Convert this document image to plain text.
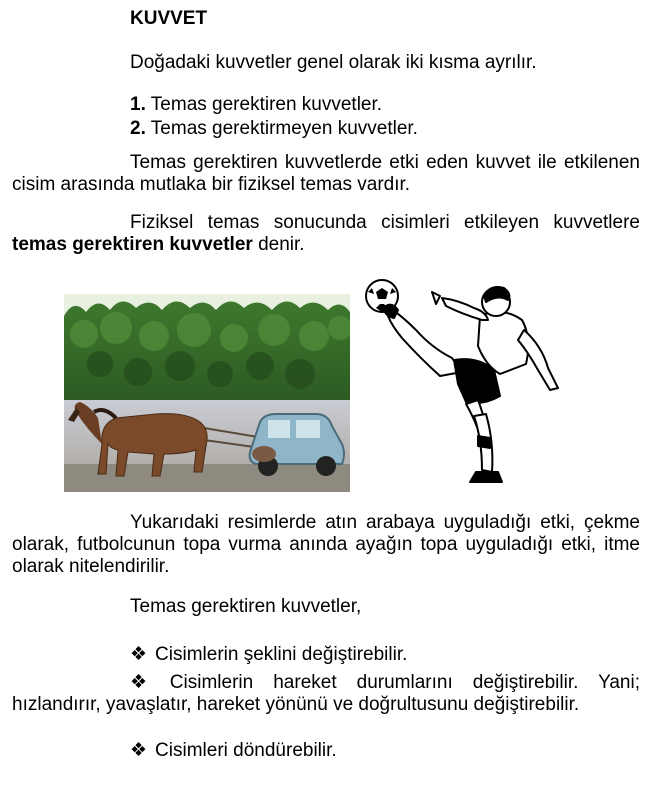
KUVVET
Doğadaki kuvvetler genel olarak iki kısma ayrılır.
1. Temas gerektiren kuvvetler.
2. Temas gerektirmeyen kuvvetler.
Temas gerektiren kuvvetlerde etki eden kuvvet ile etkilenen cisim arasında mutlaka bir fiziksel temas vardır.
Fiziksel temas sonucunda cisimleri etkileyen kuvvetlere temas gerektiren kuvvetler denir.
Yukarıdaki resimlerde atın arabaya uyguladığı etki, çekme olarak, futbolcunun topa vurma anında ayağın topa uyguladığı etki, itme olarak nitelendirilir.
Temas gerektiren kuvvetler,
❖ Cisimlerin şeklini değiştirebilir.
❖ Cisimlerin hareket durumlarını değiştirebilir. Yani; hızlandırır, yavaşlatır, hareket yönünü ve doğrultusunu değiştirebilir.
❖ Cisimleri döndürebilir.
